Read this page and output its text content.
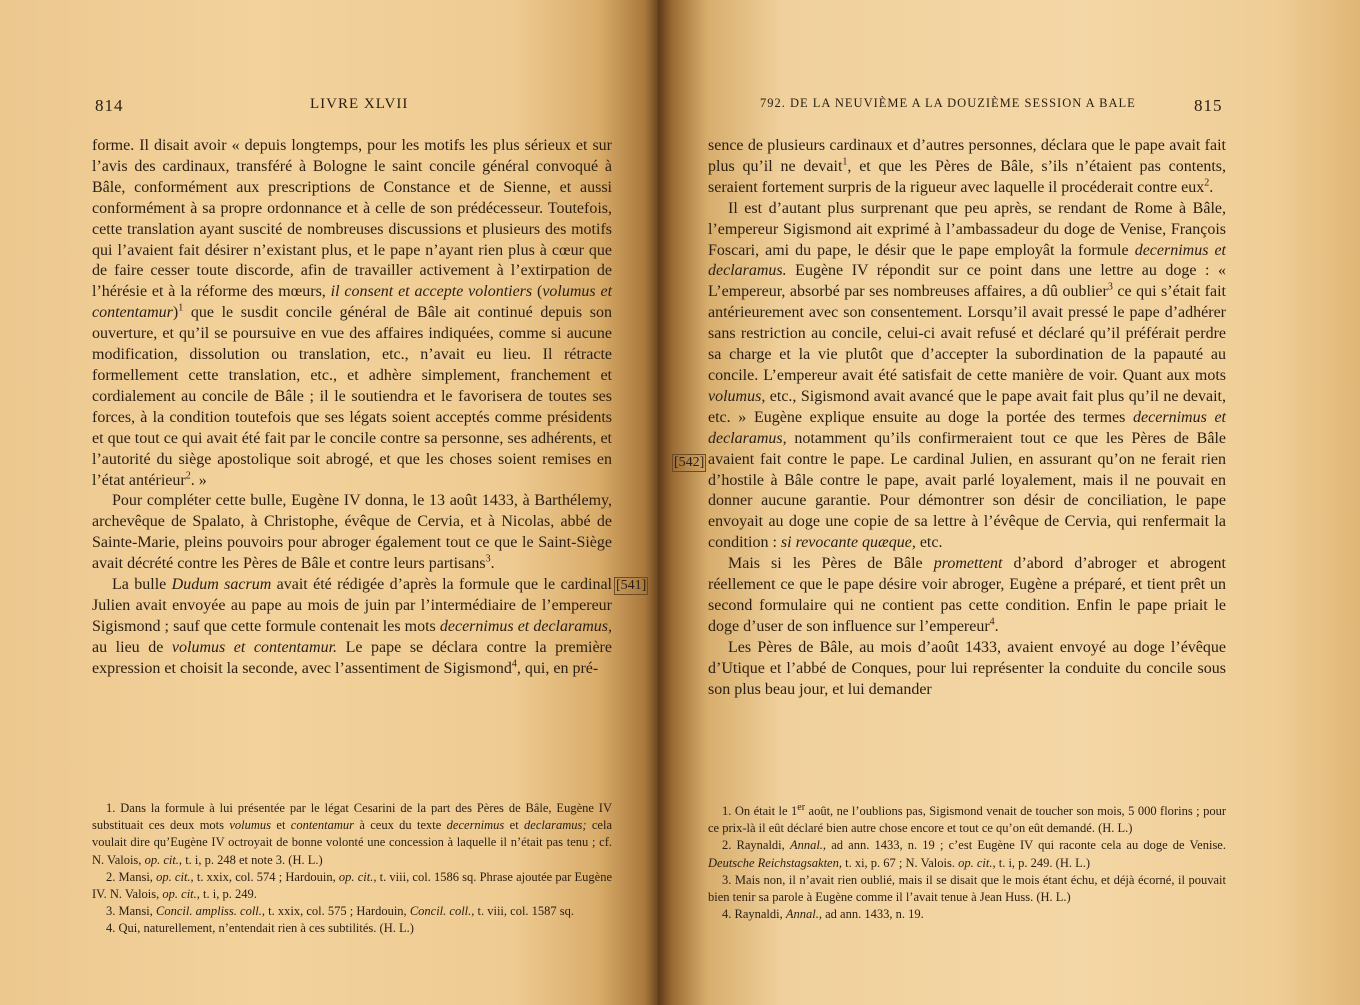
814	LIVRE XLVII

forme. Il disait avoir « depuis longtemps, pour les motifs les plus sérieux et sur l’avis des cardinaux, transféré à Bologne le saint concile général convoqué à Bâle, conformément aux prescriptions de Constance et de Sienne, et aussi conformément à sa propre ordonnance et à celle de son prédécesseur. Toutefois, cette translation ayant suscité de nombreuses discussions et plusieurs des motifs qui l’avaient fait désirer n’existant plus, et le pape n’ayant rien plus à cœur que de faire cesser toute discorde, afin de travailler activement à l’extirpation de l’hérésie et à la réforme des mœurs, il consent et accepte volontiers (volumus et contentamur)$^1$ que le susdit concile général de Bâle ait continué depuis son ouverture, et qu’il se poursuive en vue des affaires indiquées, comme si aucune modification, dissolution ou translation, etc., n’avait eu lieu. Il rétracte formellement cette translation, etc., et adhère simplement, franchement et cordialement au concile de Bâle ; il le soutiendra et le favorisera de toutes ses forces, à la condition toutefois que ses légats soient acceptés comme présidents et que tout ce qui avait été fait par le concile contre sa personne, ses adhérents, et l’autorité du siège apostolique soit abrogé, et que les choses soient remises en l’état antérieur$^2$. »

Pour compléter cette bulle, Eugène IV donna, le 13 août 1433, à Barthélemy, archevêque de Spalato, à Christophe, évêque de Cervia, et à Nicolas, abbé de Sainte-Marie, pleins pouvoirs pour abroger également tout ce que le Saint-Siège avait décrété contre les Pères de Bâle et contre leurs partisans$^3$.

La bulle Dudum sacrum avait été rédigée d’après la formule que le cardinal Julien avait envoyée au pape au mois de juin par l’intermédiaire de l’empereur Sigismond ; sauf que cette formule contenait les mots decernimus et declaramus, au lieu de volumus et contentamur. Le pape se déclara contre la première expression et choisit la seconde, avec l’assentiment de Sigismond$^4$, qui, en pré-

[541]

1. Dans la formule à lui présentée par le légat Cesarini de la part des Pères de Bâle, Eugène IV substituait ces deux mots volumus et contentamur à ceux du texte decernimus et declaramus; cela voulait dire qu’Eugène IV octroyait de bonne volonté une concession à laquelle il n’était pas tenu ; cf. N. Valois, op. cit., t. i, p. 248 et note 3. (H. L.)

2. Mansi, op. cit., t. xxix, col. 574 ; Hardouin, op. cit., t. viii, col. 1586 sq. Phrase ajoutée par Eugène IV. N. Valois, op. cit., t. i, p. 249.

3. Mansi, Concil. ampliss. coll., t. xxix, col. 575 ; Hardouin, Concil. coll., t. viii, col. 1587 sq.

4. Qui, naturellement, n’entendait rien à ces subtilités. (H. L.)

792. DE LA NEUVIÈME A LA DOUZIÈME SESSION A BALE	815
[542]

sence de plusieurs cardinaux et d’autres personnes, déclara que le pape avait fait plus qu’il ne devait$^1$, et que les Pères de Bâle, s’ils n’étaient pas contents, seraient fortement surpris de la rigueur avec laquelle il procéderait contre eux$^2$.

Il est d’autant plus surprenant que peu après, se rendant de Rome à Bâle, l’empereur Sigismond ait exprimé à l’ambassadeur du doge de Venise, François Foscari, ami du pape, le désir que le pape employât la formule decernimus et declaramus. Eugène IV répondit sur ce point dans une lettre au doge : « L’empereur, absorbé par ses nombreuses affaires, a dû oublier$^3$ ce qui s’était fait antérieurement avec son consentement. Lorsqu’il avait pressé le pape d’adhérer sans restriction au concile, celui-ci avait refusé et déclaré qu’il préférait perdre sa charge et la vie plutôt que d’accepter la subordination de la papauté au concile. L’empereur avait été satisfait de cette manière de voir. Quant aux mots volumus, etc., Sigismond avait avancé que le pape avait fait plus qu’il ne devait, etc. » Eugène explique ensuite au doge la portée des termes decernimus et declaramus, notamment qu’ils confirmeraient tout ce que les Pères de Bâle avaient fait contre le pape. Le cardinal Julien, en assurant qu’on ne ferait rien d’hostile à Bâle contre le pape, avait parlé loyalement, mais il ne pouvait en donner aucune garantie. Pour démontrer son désir de conciliation, le pape envoyait au doge une copie de sa lettre à l’évêque de Cervia, qui renfermait la condition : si revocante quæque, etc.

Mais si les Pères de Bâle promettent d’abord d’abroger et abrogent réellement ce que le pape désire voir abroger, Eugène a préparé, et tient prêt un second formulaire qui ne contient pas cette condition. Enfin le pape priait le doge d’user de son influence sur l’empereur$^4$.

Les Pères de Bâle, au mois d’août 1433, avaient envoyé au doge l’évêque d’Utique et l’abbé de Conques, pour lui représenter la conduite du concile sous son plus beau jour, et lui demander

1. On était le 1er août, ne l’oublions pas, Sigismond venait de toucher son mois, 5 000 florins ; pour ce prix-là il eût déclaré bien autre chose encore et tout ce qu’on eût demandé. (H. L.)

2. Raynaldi, Annal., ad ann. 1433, n. 19 ; c’est Eugène IV qui raconte cela au doge de Venise. Deutsche Reichstagsakten, t. xi, p. 67 ; N. Valois. op. cit., t. i, p. 249. (H. L.)

3. Mais non, il n’avait rien oublié, mais il se disait que le mois étant échu, et déjà écorné, il pouvait bien tenir sa parole à Eugène comme il l’avait tenue à Jean Huss. (H. L.)

4. Raynaldi, Annal., ad ann. 1433, n. 19.
